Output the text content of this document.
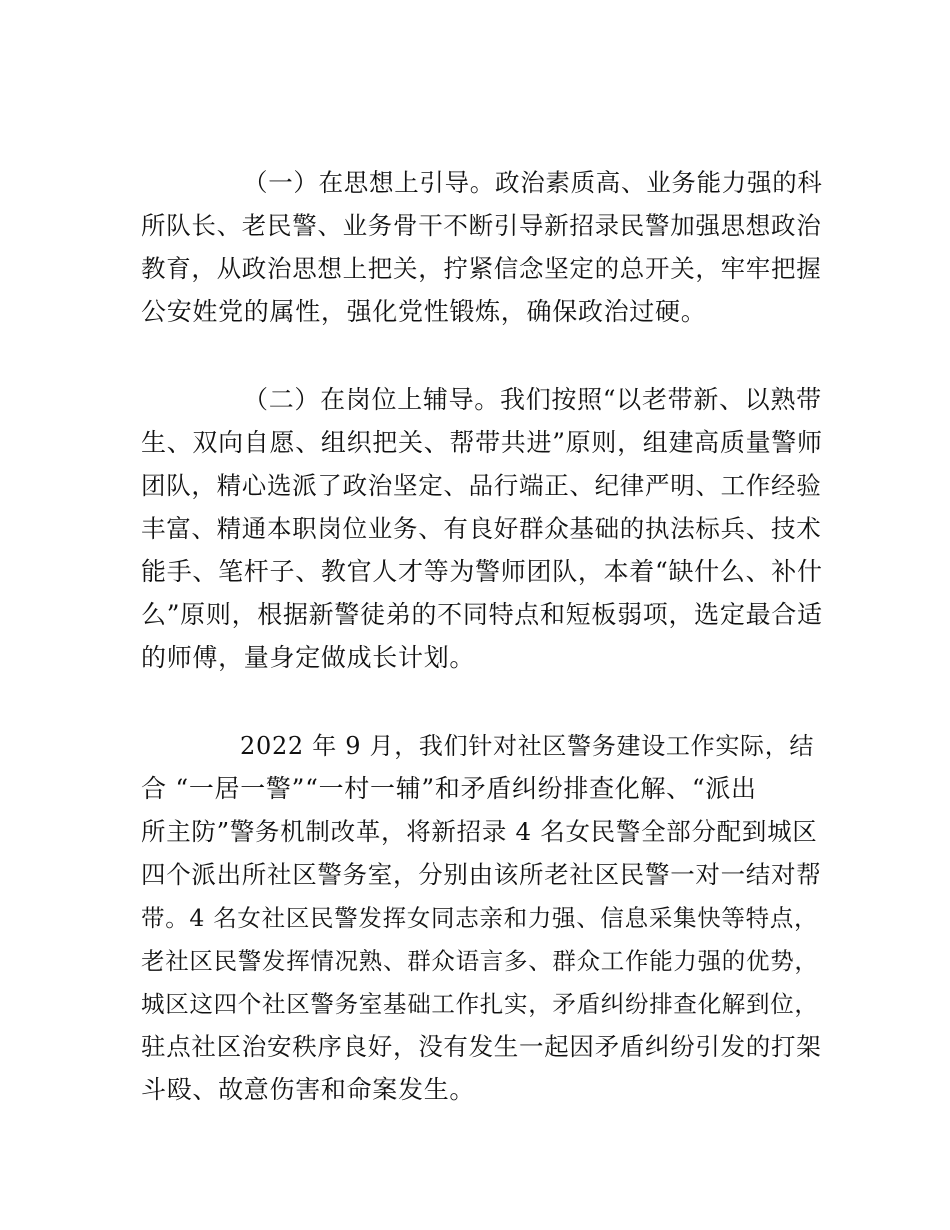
（一）在思想上引导。政治素质高、业务能力强的科
所队长、老民警、业务骨干不断引导新招录民警加强思想政治
教育，从政治思想上把关，拧紧信念坚定的总开关，牢牢把握
公安姓党的属性，强化党性锻炼，确保政治过硬。
（二）在岗位上辅导。我们按照“以老带新、以熟带
生、双向自愿、组织把关、帮带共进”原则，组建高质量警师
团队，精心选派了政治坚定、品行端正、纪律严明、工作经验
丰富、精通本职岗位业务、有良好群众基础的执法标兵、技术
能手、笔杆子、教官人才等为警师团队，本着“缺什么、补什
么”原则，根据新警徒弟的不同特点和短板弱项，选定最合适
的师傅，量身定做成长计划。
2022 年 9 月，我们针对社区警务建设工作实际，结
合 “一居一警”“一村一辅”和矛盾纠纷排查化解、“派出
所主防”警务机制改革，将新招录 4 名女民警全部分配到城区
四个派出所社区警务室，分别由该所老社区民警一对一结对帮
带。4 名女社区民警发挥女同志亲和力强、信息采集快等特点，
老社区民警发挥情况熟、群众语言多、群众工作能力强的优势，
城区这四个社区警务室基础工作扎实，矛盾纠纷排查化解到位，
驻点社区治安秩序良好，没有发生一起因矛盾纠纷引发的打架
斗殴、故意伤害和命案发生。
